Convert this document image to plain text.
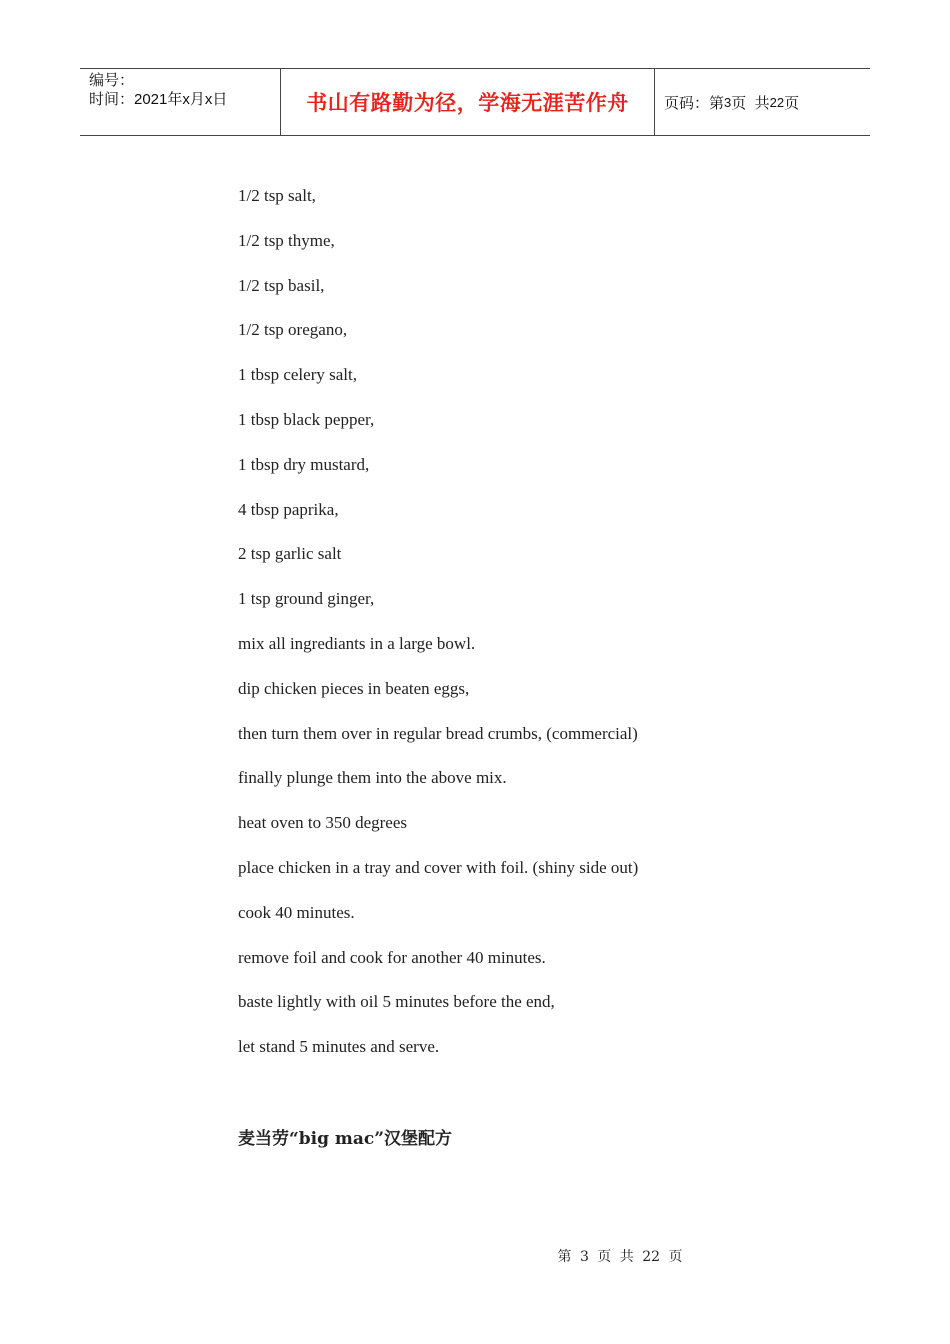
编号：
时间：2021年x月x日	书山有路勤为径，学海无涯苦作舟	页码：第 3 页  共 22 页
1/2 tsp salt,
1/2 tsp thyme,
1/2 tsp basil,
1/2 tsp oregano,
1 tbsp celery salt,
1 tbsp black pepper,
1 tbsp dry mustard,
4 tbsp paprika,
2 tsp garlic salt
1 tsp ground ginger,
mix all ingrediants in a large bowl.
dip chicken pieces in beaten eggs,
then turn them over in regular bread crumbs, (commercial)
finally plunge them into the above mix.
heat oven to 350 degrees
place chicken in a tray and cover with foil. (shiny side out)
cook 40 minutes.
remove foil and cook for another 40 minutes.
baste lightly with oil 5 minutes before the end,
let stand 5 minutes and serve.
麦当劳“big mac”汉堡配方
第 3 页 共 22 页
